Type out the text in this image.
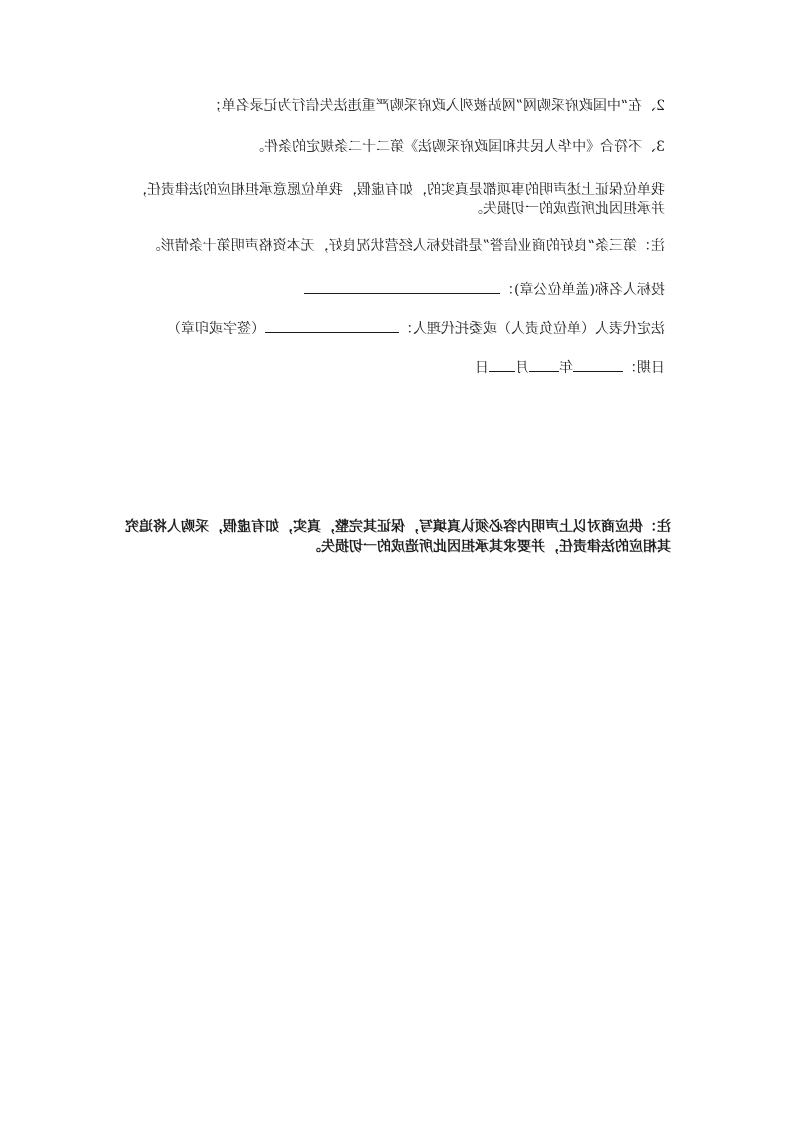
2、在“中国政府采购网”网站被列入政府采购严重违法失信行为记录名单；
3、不符合《中华人民共和国政府采购法》第二十二条规定的条件。
我单位保证上述声明的事项都是真实的，如有虚假，我单位愿意承担相应的法律责任，
并承担因此所造成的一切损失。
注：第三条“良好的商业信誉”是指投标人经营状况良好，无本资格声明第十条情形。
投标人名称(盖单位公章)：
法定代表人（单位负责人）或委托代理人：（签字或印章）
日期：年月日
注：供应商对以上声明内容必须认真填写，保证其完整，真实，如有虚假，采购人将追究
其相应的法律责任，并要求其承担因此所造成的一切损失。
